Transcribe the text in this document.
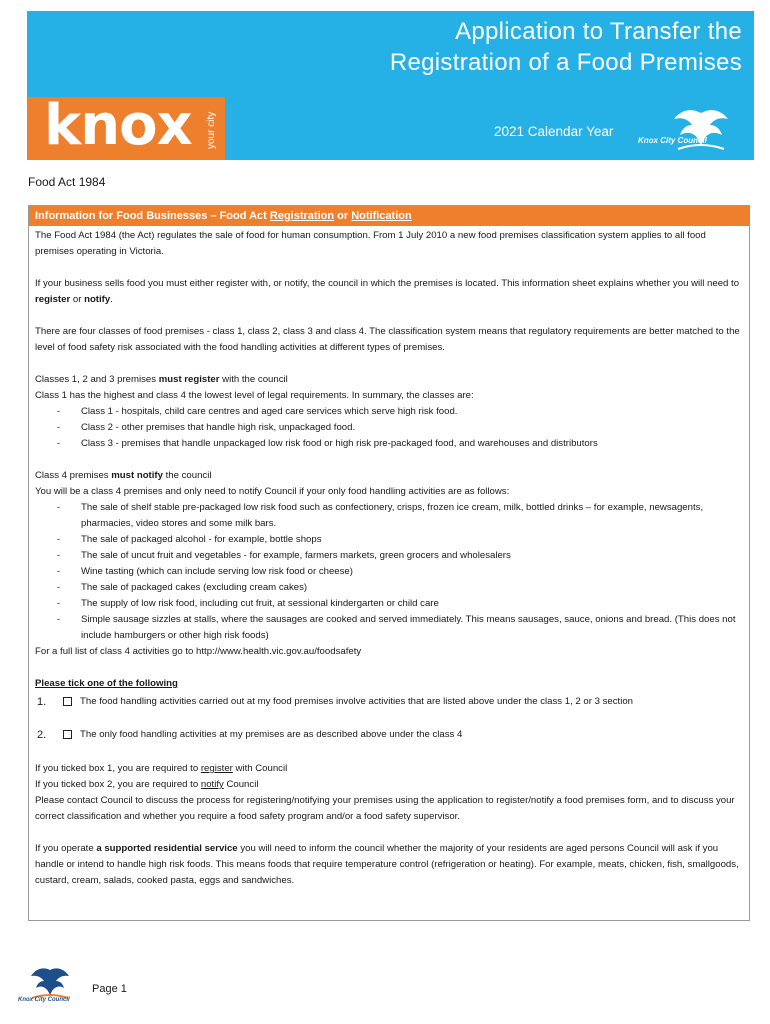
Application to Transfer the
Registration of a Food Premises
2021 Calendar Year
Knox City Council
knox your city
Food Act 1984
Information for Food Businesses – Food Act Registration or Notification

The Food Act 1984 (the Act) regulates the sale of food for human consumption. From 1 July 2010 a new food premises classification system applies to all food premises operating in Victoria.

If your business sells food you must either register with, or notify, the council in which the premises is located. This information sheet explains whether you will need to register or notify.

There are four classes of food premises - class 1, class 2, class 3 and class 4. The classification system means that regulatory requirements are better matched to the level of food safety risk associated with the food handling activities at different types of premises.

Classes 1, 2 and 3 premises must register with the council

Class 1 has the highest and class 4 the lowest level of legal requirements. In summary, the classes are:

- Class 1 - hospitals, child care centres and aged care services which serve high risk food.
- Class 2 - other premises that handle high risk, unpackaged food.
- Class 3 - premises that handle unpackaged low risk food or high risk pre-packaged food, and warehouses and distributors

Class 4 premises must notify the council

You will be a class 4 premises and only need to notify Council if your only food handling activities are as follows:

- The sale of shelf stable pre-packaged low risk food such as confectionery, crisps, frozen ice cream, milk, bottled drinks – for example, newsagents, pharmacies, video stores and some milk bars.
- The sale of packaged alcohol - for example, bottle shops
- The sale of uncut fruit and vegetables - for example, farmers markets, green grocers and wholesalers
- Wine tasting (which can include serving low risk food or cheese)
- The sale of packaged cakes (excluding cream cakes)
- The supply of low risk food, including cut fruit, at sessional kindergarten or child care
- Simple sausage sizzles at stalls, where the sausages are cooked and served immediately. This means sausages, sauce, onions and bread. (This does not include hamburgers or other high risk foods)

For a full list of class 4 activities go to http://www.health.vic.gov.au/foodsafety

Please tick one of the following

1.	The food handling activities carried out at my food premises involve activities that are listed above under the class 1, 2 or 3 section
2.	The only food handling activities at my premises are as described above under the class 4

If you ticked box 1, you are required to register with Council

If you ticked box 2, you are required to notify Council

Please contact Council to discuss the process for registering/notifying your premises using the application to register/notify a food premises form, and to discuss your correct classification and whether you require a food safety program and/or a food safety supervisor.

If you operate a supported residential service you will need to inform the council whether the majority of your residents are aged persons Council will ask if you handle or intend to handle high risk foods. This means foods that require temperature control (refrigeration or heating). For example, meats, chicken, fish, smallgoods, custard, cream, salads, cooked pasta, eggs and sandwiches.

Knox City Council
Page 1
